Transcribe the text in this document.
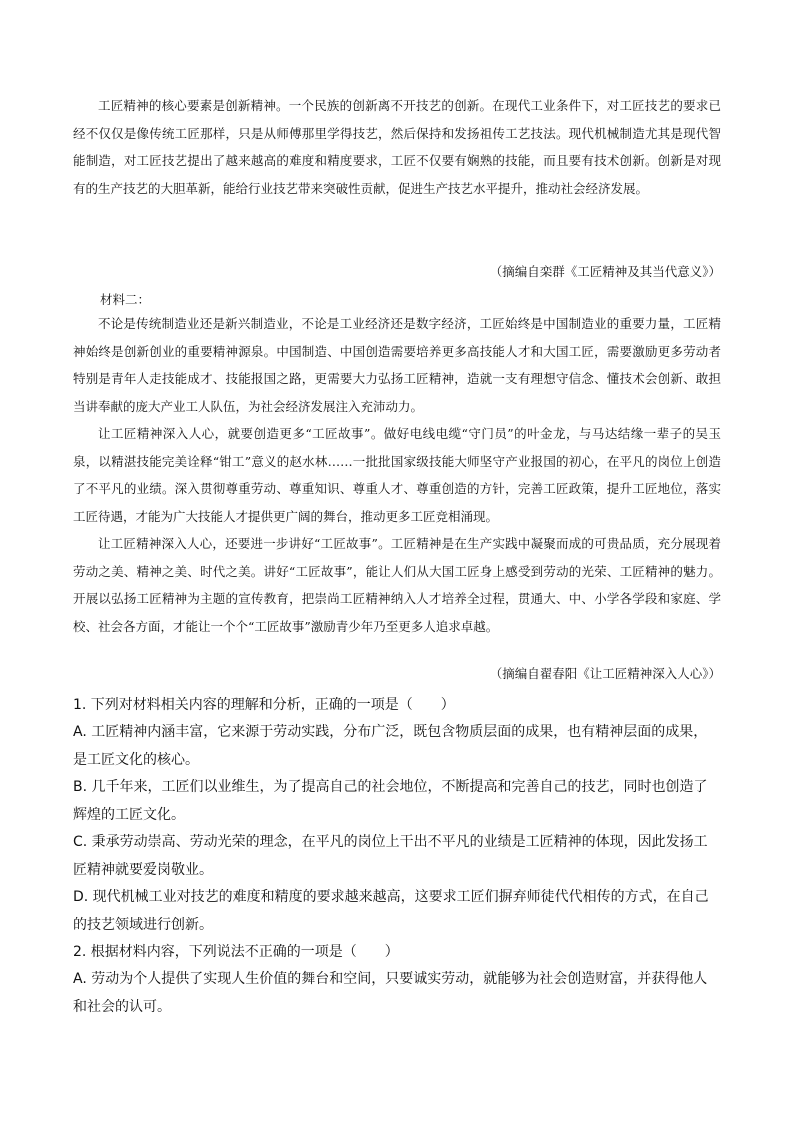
工匠精神的核心要素是创新精神。一个民族的创新离不开技艺的创新。在现代工业条件下，对工匠技艺的要求已经不仅仅是像传统工匠那样，只是从师傅那里学得技艺，然后保持和发扬祖传工艺技法。现代机械制造尤其是现代智能制造，对工匠技艺提出了越来越高的难度和精度要求，工匠不仅要有娴熟的技能，而且要有技术创新。创新是对现有的生产技艺的大胆革新，能给行业技艺带来突破性贡献，促进生产技艺水平提升，推动社会经济发展。

（摘编自栾群《工匠精神及其当代意义》）

材料二：

不论是传统制造业还是新兴制造业，不论是工业经济还是数字经济，工匠始终是中国制造业的重要力量，工匠精神始终是创新创业的重要精神源泉。中国制造、中国创造需要培养更多高技能人才和大国工匠，需要激励更多劳动者特别是青年人走技能成才、技能报国之路，更需要大力弘扬工匠精神，造就一支有理想守信念、懂技术会创新、敢担当讲奉献的庞大产业工人队伍，为社会经济发展注入充沛动力。

让工匠精神深入人心，就要创造更多“工匠故事”。做好电线电缆“守门员”的叶金龙，与马达结缘一辈子的吴玉泉，以精湛技能完美诠释“钳工”意义的赵水林……一批批国家级技能大师坚守产业报国的初心，在平凡的岗位上创造了不平凡的业绩。深入贯彻尊重劳动、尊重知识、尊重人才、尊重创造的方针，完善工匠政策，提升工匠地位，落实工匠待遇，才能为广大技能人才提供更广阔的舞台，推动更多工匠竞相涌现。

让工匠精神深入人心，还要进一步讲好“工匠故事”。工匠精神是在生产实践中凝聚而成的可贵品质，充分展现着劳动之美、精神之美、时代之美。讲好“工匠故事”，能让人们从大国工匠身上感受到劳动的光荣、工匠精神的魅力。开展以弘扬工匠精神为主题的宣传教育，把崇尚工匠精神纳入人才培养全过程，贯通大、中、小学各学段和家庭、学校、社会各方面，才能让一个个“工匠故事”激励青少年乃至更多人追求卓越。

（摘编自翟春阳《让工匠精神深入人心》）

1. 下列对材料相关内容的理解和分析，正确的一项是（　　）

A. 工匠精神内涵丰富，它来源于劳动实践，分布广泛，既包含物质层面的成果，也有精神层面的成果，是工匠文化的核心。

B. 几千年来，工匠们以业维生，为了提高自己的社会地位，不断提高和完善自己的技艺，同时也创造了辉煌的工匠文化。

C. 秉承劳动崇高、劳动光荣的理念，在平凡的岗位上干出不平凡的业绩是工匠精神的体现，因此发扬工匠精神就要爱岗敬业。

D. 现代机械工业对技艺的难度和精度的要求越来越高，这要求工匠们摒弃师徒代代相传的方式，在自己的技艺领域进行创新。

2. 根据材料内容，下列说法不正确的一项是（　　）

A. 劳动为个人提供了实现人生价值的舞台和空间，只要诚实劳动，就能够为社会创造财富，并获得他人和社会的认可。
